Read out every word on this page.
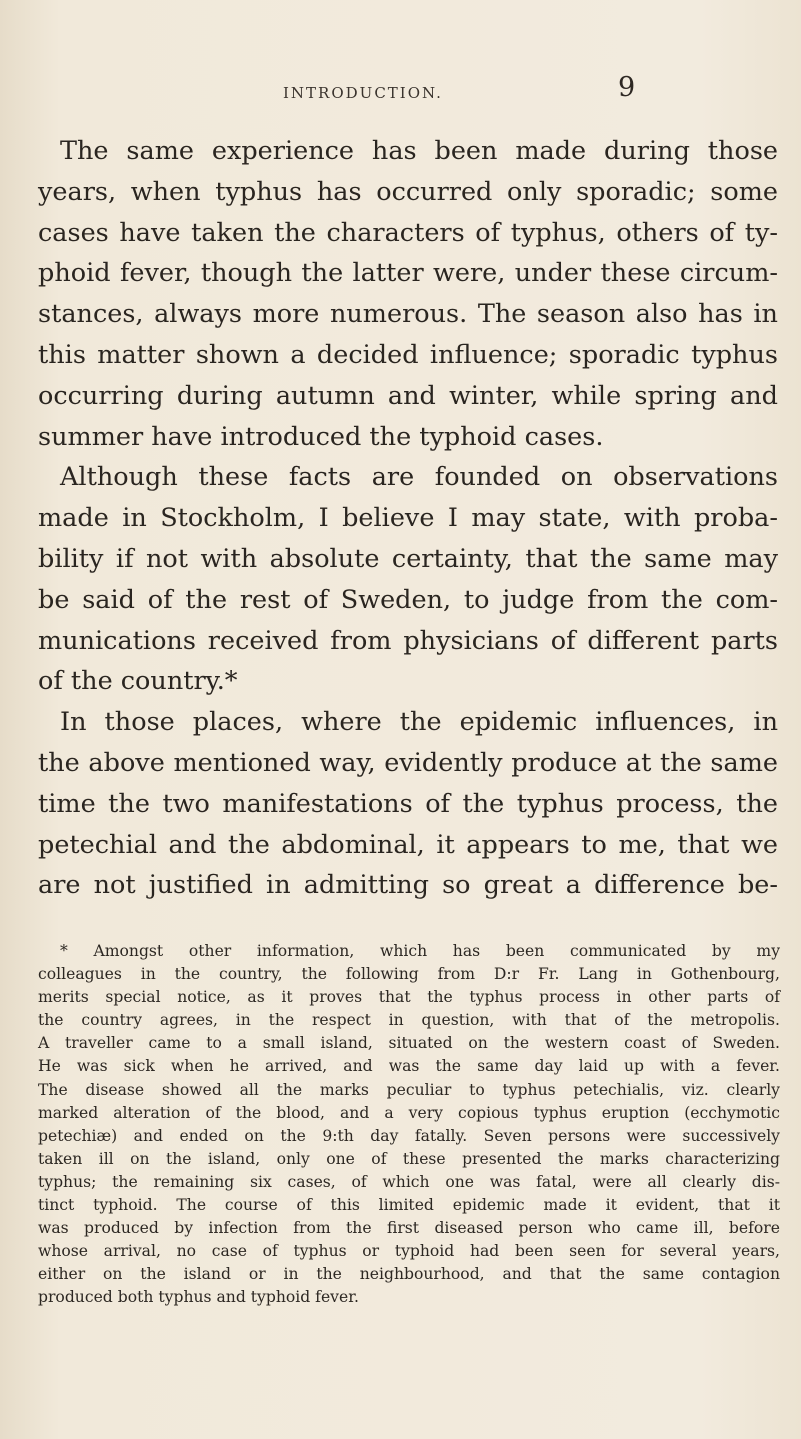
INTRODUCTION.	9
The same experience has been made during those
years, when typhus has occurred only sporadic; some
cases have taken the characters of typhus, others of ty-
phoid fever, though the latter were, under these circum-
stances, always more numerous. The season also has in
this matter shown a decided influence; sporadic typhus
occurring during autumn and winter, while spring and
summer have introduced the typhoid cases.
Although these facts are founded on observations
made in Stockholm, I believe I may state, with proba-
bility if not with absolute certainty, that the same may
be said of the rest of Sweden, to judge from the com-
munications received from physicians of different parts
of the country.*
In those places, where the epidemic influences, in
the above mentioned way, evidently produce at the same
time the two manifestations of the typhus process, the
petechial and the abdominal, it appears to me, that we
are not justified in admitting so great a difference be-
* Amongst other information, which has been communicated by my
colleagues in the country, the following from D:r Fr. Lang in Gothenbourg,
merits special notice, as it proves that the typhus process in other parts of
the country agrees, in the respect in question, with that of the metropolis.
A traveller came to a small island, situated on the western coast of Sweden.
He was sick when he arrived, and was the same day laid up with a fever.
The disease showed all the marks peculiar to typhus petechialis, viz. clearly
marked alteration of the blood, and a very copious typhus eruption (ecchymotic
petechiæ) and ended on the 9:th day fatally. Seven persons were successively
taken ill on the island, only one of these presented the marks characterizing
typhus; the remaining six cases, of which one was fatal, were all clearly dis-
tinct typhoid. The course of this limited epidemic made it evident, that it
was produced by infection from the first diseased person who came ill, before
whose arrival, no case of typhus or typhoid had been seen for several years,
either on the island or in the neighbourhood, and that the same contagion
produced both typhus and typhoid fever.
